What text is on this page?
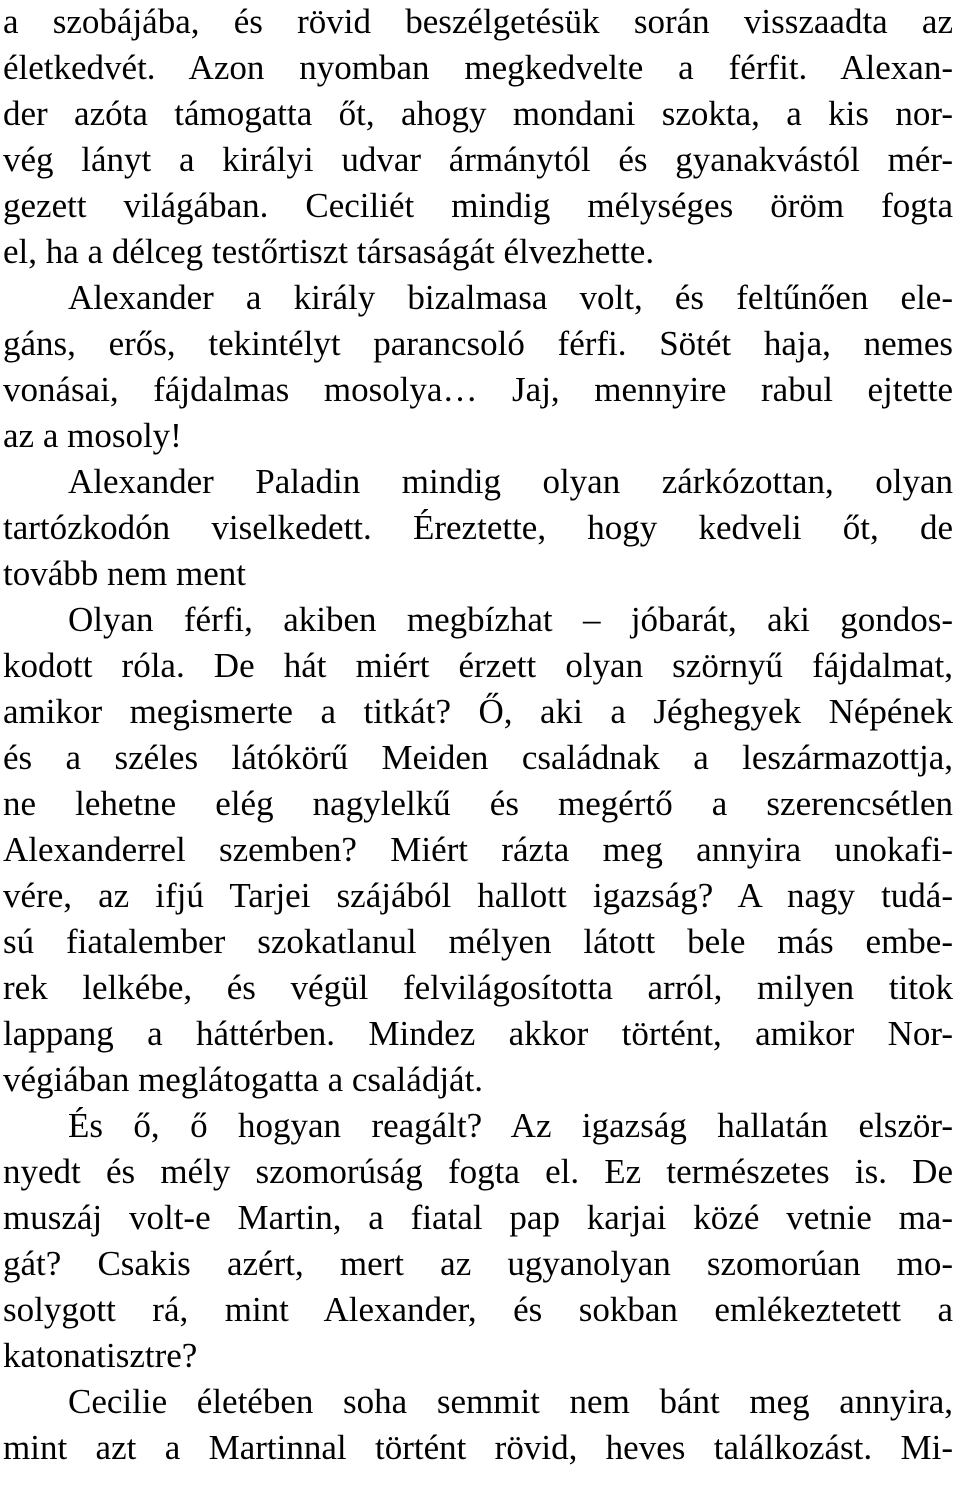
a szobájába, és rövid beszélgetésük során visszaadta az
életkedvét. Azon nyomban megkedvelte a férfit. Alexan-
der azóta támogatta őt, ahogy mondani szokta, a kis nor-
vég lányt a királyi udvar ármánytól és gyanakvástól mér-
gezett világában. Ceciliét mindig mélységes öröm fogta
el, ha a délceg testőrtiszt társaságát élvezhette.
Alexander a király bizalmasa volt, és feltűnően ele-
gáns, erős, tekintélyt parancsoló férfi. Sötét haja, nemes
vonásai, fájdalmas mosolya… Jaj, mennyire rabul ejtette
az a mosoly!
Alexander Paladin mindig olyan zárkózottan, olyan
tartózkodón viselkedett. Éreztette, hogy kedveli őt, de
tovább nem ment
Olyan férfi, akiben megbízhat – jóbarát, aki gondos-
kodott róla. De hát miért érzett olyan szörnyű fájdalmat,
amikor megismerte a titkát? Ő, aki a Jéghegyek Népének
és a széles látókörű Meiden családnak a leszármazottja,
ne lehetne elég nagylelkű és megértő a szerencsétlen
Alexanderrel szemben? Miért rázta meg annyira unokafi-
vére, az ifjú Tarjei szájából hallott igazság? A nagy tudá-
sú fiatalember szokatlanul mélyen látott bele más embe-
rek lelkébe, és végül felvilágosította arról, milyen titok
lappang a háttérben. Mindez akkor történt, amikor Nor-
végiában meglátogatta a családját.
És ő, ő hogyan reagált? Az igazság hallatán elször-
nyedt és mély szomorúság fogta el. Ez természetes is. De
muszáj volt-e Martin, a fiatal pap karjai közé vetnie ma-
gát? Csakis azért, mert az ugyanolyan szomorúan mo-
solygott rá, mint Alexander, és sokban emlékeztetett a
katonatisztre?
Cecilie életében soha semmit nem bánt meg annyira,
mint azt a Martinnal történt rövid, heves találkozást. Mi-
